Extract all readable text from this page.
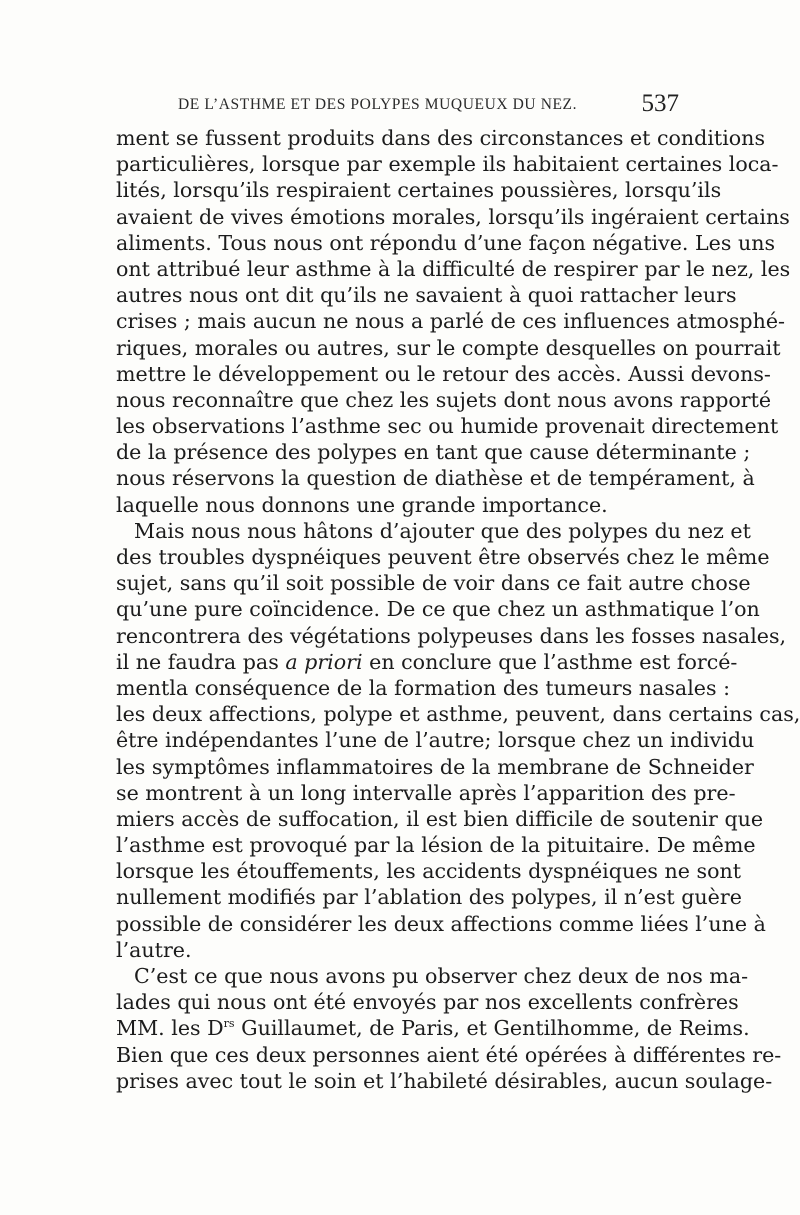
DE L’ASTHME ET DES POLYPES MUQUEUX DU NEZ.	537
ment se fussent produits dans des circonstances et conditions
particulières, lorsque par exemple ils habitaient certaines loca-
lités, lorsqu’ils respiraient certaines poussières, lorsqu’ils
avaient de vives émotions morales, lorsqu’ils ingéraient certains
aliments. Tous nous ont répondu d’une façon négative. Les uns
ont attribué leur asthme à la difficulté de respirer par le nez, les
autres nous ont dit qu’ils ne savaient à quoi rattacher leurs
crises ; mais aucun ne nous a parlé de ces influences atmosphé-
riques, morales ou autres, sur le compte desquelles on pourrait
mettre le développement ou le retour des accès. Aussi devons-
nous reconnaître que chez les sujets dont nous avons rapporté
les observations l’asthme sec ou humide provenait directement
de la présence des polypes en tant que cause déterminante ;
nous réservons la question de diathèse et de tempérament, à
laquelle nous donnons une grande importance.
Mais nous nous hâtons d’ajouter que des polypes du nez et
des troubles dyspnéiques peuvent être observés chez le même
sujet, sans qu’il soit possible de voir dans ce fait autre chose
qu’une pure coïncidence. De ce que chez un asthmatique l’on
rencontrera des végétations polypeuses dans les fosses nasales,
il ne faudra pas a priori en conclure que l’asthme est forcé-
mentla conséquence de la formation des tumeurs nasales :
les deux affections, polype et asthme, peuvent, dans certains cas,
être indépendantes l’une de l’autre; lorsque chez un individu
les symptômes inflammatoires de la membrane de Schneider
se montrent à un long intervalle après l’apparition des pre-
miers accès de suffocation, il est bien difficile de soutenir que
l’asthme est provoqué par la lésion de la pituitaire. De même
lorsque les étouffements, les accidents dyspnéiques ne sont
nullement modifiés par l’ablation des polypes, il n’est guère
possible de considérer les deux affections comme liées l’une à
l’autre.
C’est ce que nous avons pu observer chez deux de nos ma-
lades qui nous ont été envoyés par nos excellents confrères
MM. les $D^{rs}$ Guillaumet, de Paris, et Gentilhomme, de Reims.
Bien que ces deux personnes aient été opérées à différentes re-
prises avec tout le soin et l’habileté désirables, aucun soulage-
